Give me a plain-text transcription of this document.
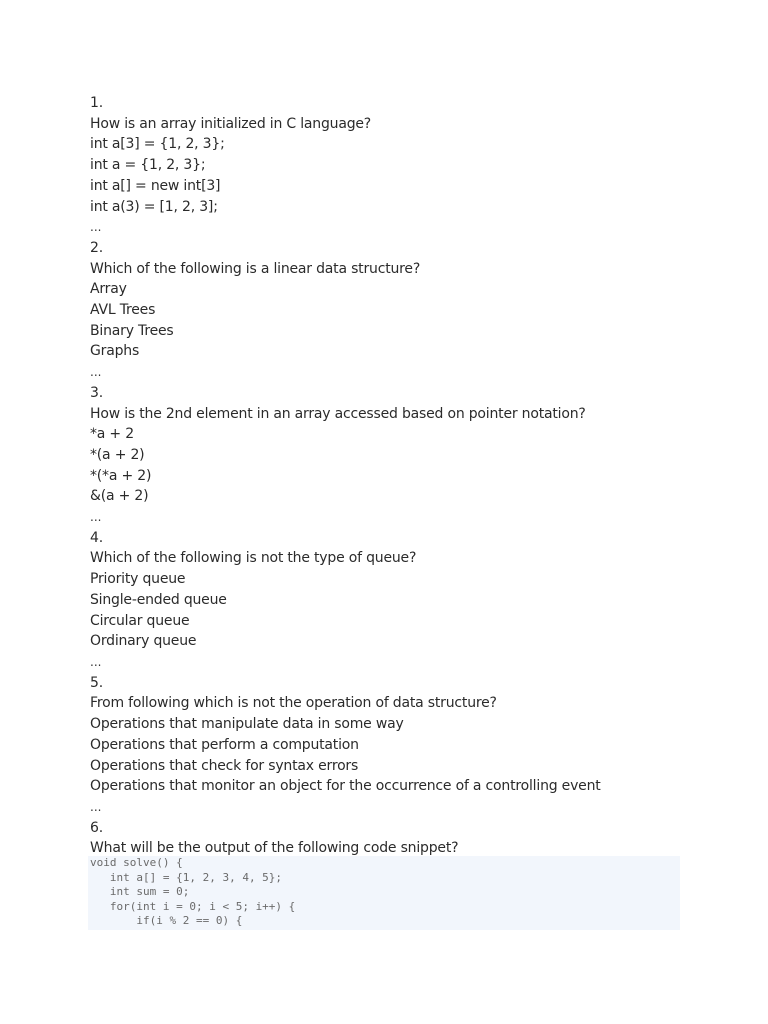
1.
How is an array initialized in C language?
int a[3] = {1, 2, 3};
int a = {1, 2, 3};
int a[] = new int[3]
int a(3) = [1, 2, 3];
...
2.
Which of the following is a linear data structure?
Array
AVL Trees
Binary Trees
Graphs
...
3.
How is the 2nd element in an array accessed based on pointer notation?
*a + 2
*(a + 2)
*(*a + 2)
&(a + 2)
...
4.
Which of the following is not the type of queue?
Priority queue
Single-ended queue
Circular queue
Ordinary queue
...
5.
From following which is not the operation of data structure?
Operations that manipulate data in some way
Operations that perform a computation
Operations that check for syntax errors
Operations that monitor an object for the occurrence of a controlling event
...
6.
What will be the output of the following code snippet?
void solve() {
int a[] = {1, 2, 3, 4, 5};
int sum = 0;
for(int i = 0; i < 5; i++) {
if(i % 2 == 0) {
